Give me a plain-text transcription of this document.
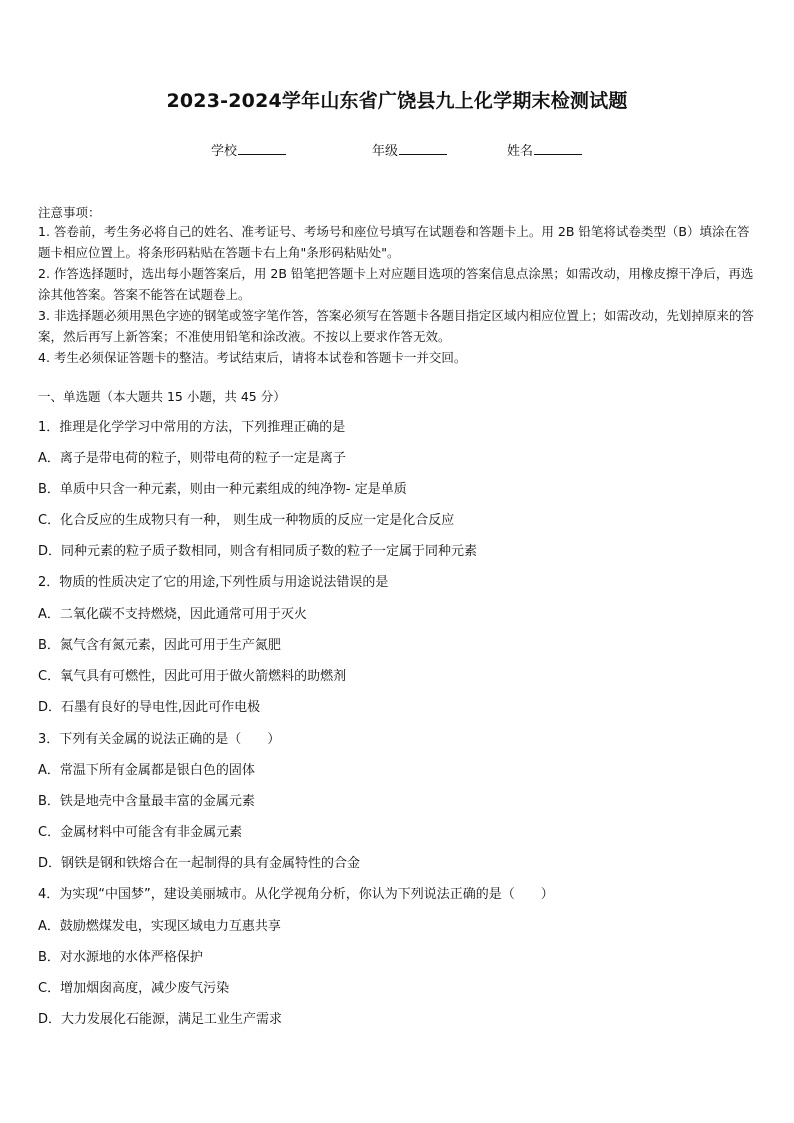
2023-2024学年山东省广饶县九上化学期末检测试题
学校	年级	姓名
注意事项：
1. 答卷前，考生务必将自己的姓名、准考证号、考场号和座位号填写在试题卷和答题卡上。用 2B 铅笔将试卷类型（B）填涂在答题卡相应位置上。将条形码粘贴在答题卡右上角"条形码粘贴处"。
2. 作答选择题时，选出每小题答案后，用 2B 铅笔把答题卡上对应题目选项的答案信息点涂黑；如需改动，用橡皮擦干净后，再选涂其他答案。答案不能答在试题卷上。
3. 非选择题必须用黑色字迹的钢笔或签字笔作答，答案必须写在答题卡各题目指定区域内相应位置上；如需改动，先划掉原来的答案，然后再写上新答案；不准使用铅笔和涂改液。不按以上要求作答无效。
4. 考生必须保证答题卡的整洁。考试结束后，请将本试卷和答题卡一并交回。
一、单选题（本大题共 15 小题，共 45 分）
1．推理是化学学习中常用的方法，下列推理正确的是
A．离子是带电荷的粒子，则带电荷的粒子一定是离子
B．单质中只含一种元素，则由一种元素组成的纯净物- 定是单质
C．化合反应的生成物只有一种， 则生成一种物质的反应一定是化合反应
D．同种元素的粒子质子数相同，则含有相同质子数的粒子一定属于同种元素
2．物质的性质决定了它的用途,下列性质与用途说法错误的是
A．二氧化碳不支持燃烧，因此通常可用于灭火
B．氮气含有氮元素，因此可用于生产氮肥
C．氧气具有可燃性，因此可用于做火箭燃料的助燃剂
D．石墨有良好的导电性,因此可作电极
3．下列有关金属的说法正确的是（　　）
A．常温下所有金属都是银白色的固体
B．铁是地壳中含量最丰富的金属元素
C．金属材料中可能含有非金属元素
D．钢铁是钢和铁熔合在一起制得的具有金属特性的合金
4．为实现“中国梦”，建设美丽城市。从化学视角分析，你认为下列说法正确的是（　　）
A．鼓励燃煤发电，实现区域电力互惠共享
B．对水源地的水体严格保护
C．增加烟囱高度，减少废气污染
D．大力发展化石能源，满足工业生产需求
